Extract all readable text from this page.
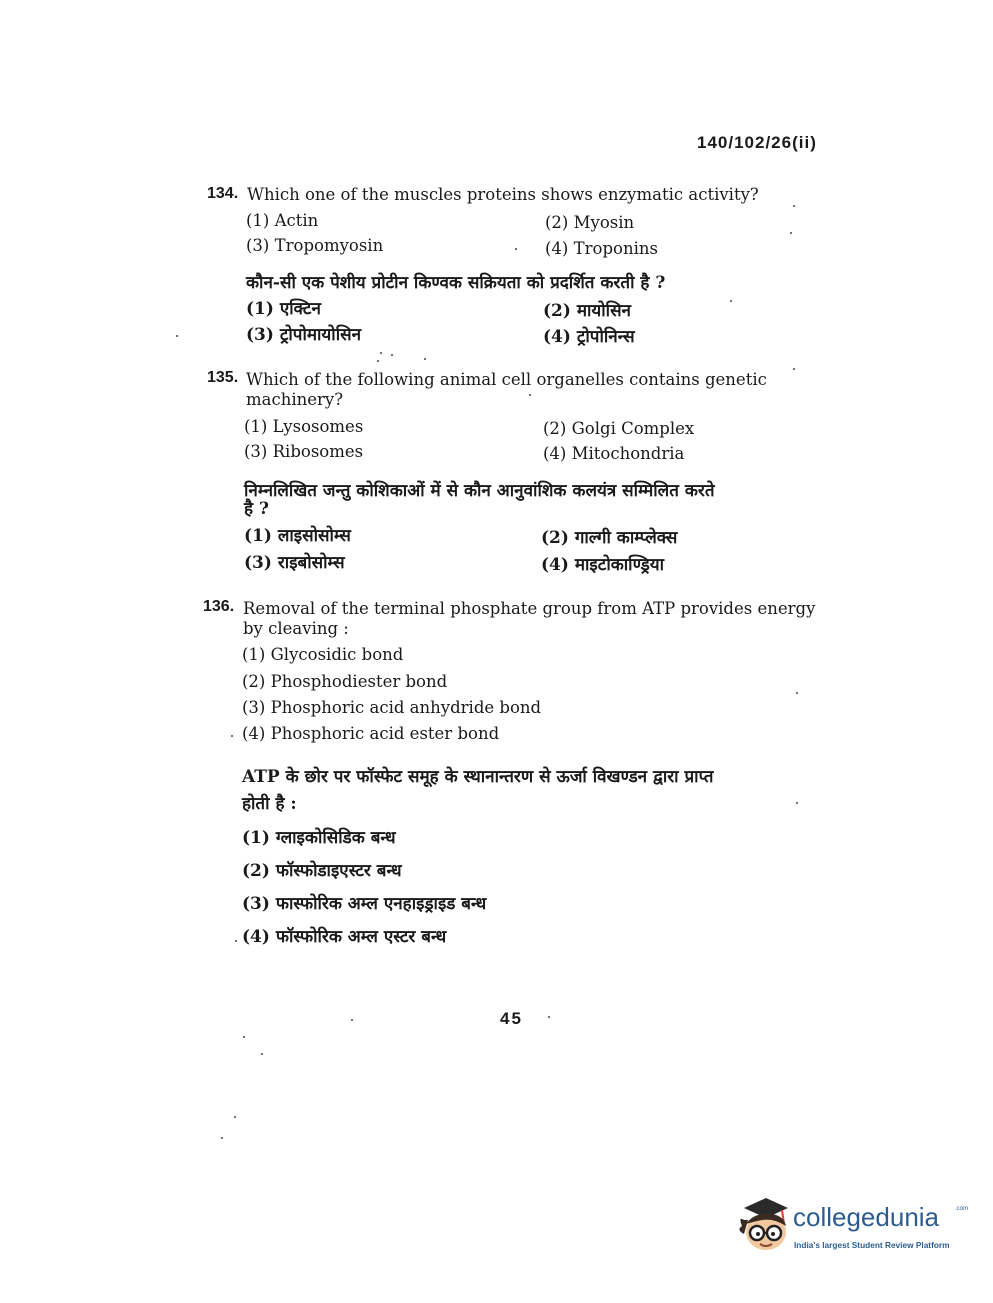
140/102/26(ii)
134. Which one of the muscles proteins shows enzymatic activity?
(1) Actin	(2) Myosin
(3) Tropomyosin	(4) Troponins
कौन-सी एक पेशीय प्रोटीन किण्वक सक्रियता को प्रदर्शित करती है ?
(1) एक्टिन	(2) मायोसिन
(3) ट्रोपोमायोसिन	(4) ट्रोपोनिन्स
135. Which of the following animal cell organelles contains genetic
machinery?
(1) Lysosomes	(2) Golgi Complex
(3) Ribosomes	(4) Mitochondria
निम्नलिखित जन्तु कोशिकाओं में से कौन आनुवांशिक कलयंत्र सम्मिलित करते
है ?
(1) लाइसोसोम्स	(2) गाल्गी काम्प्लेक्स
(3) राइबोसोम्स	(4) माइटोकाण्ड्रिया
136. Removal of the terminal phosphate group from ATP provides energy
by cleaving :
(1) Glycosidic bond
(2) Phosphodiester bond
(3) Phosphoric acid anhydride bond
(4) Phosphoric acid ester bond
ATP के छोर पर फॉस्फेट समूह के स्थानान्तरण से ऊर्जा विखण्डन द्वारा प्राप्त
होती है :
(1) ग्लाइकोसिडिक बन्ध
(2) फॉस्फोडाइएस्टर बन्ध
(3) फास्फोरिक अम्ल एनहाइड्राइड बन्ध
(4) फॉस्फोरिक अम्ल एस्टर बन्ध
45
collegedunia	.com
India's largest Student Review Platform
